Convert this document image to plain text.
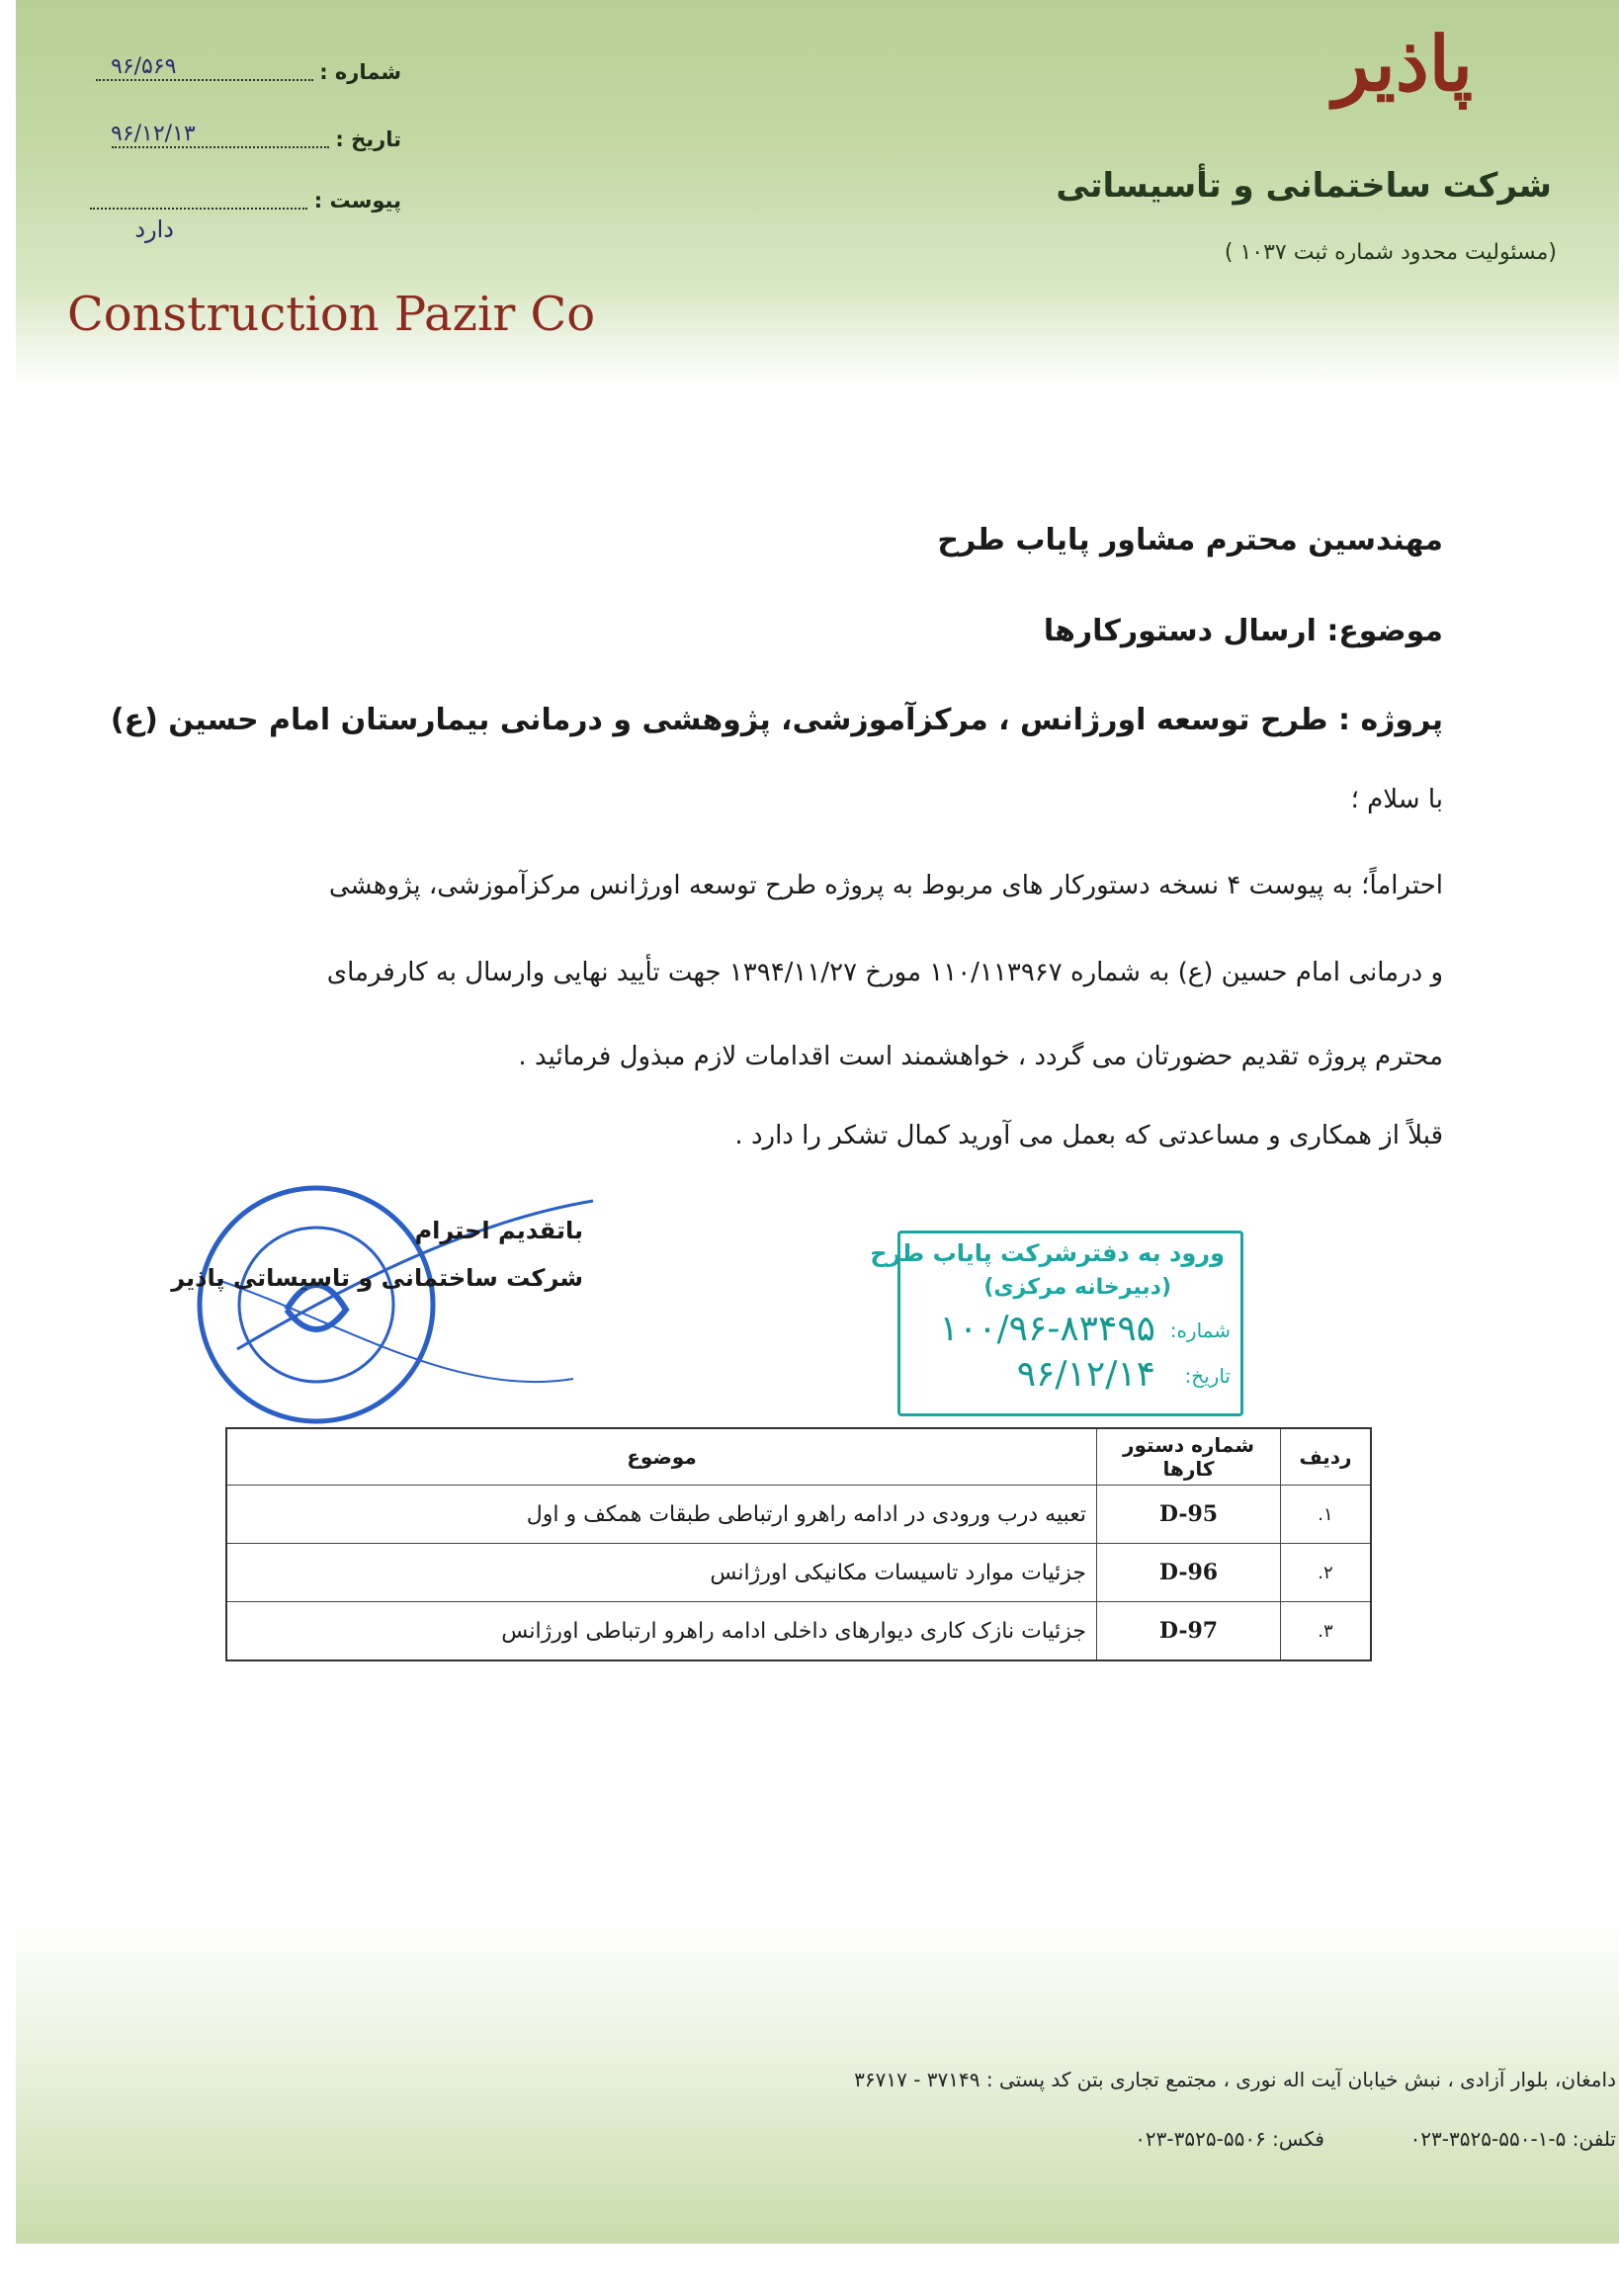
شماره :
۹۶/۵۶۹
تاریخ :
۹۶/۱۲/۱۳
پیوست :
دارد
Construction Pazir Co
پاذیر
شرکت ساختمانی و تأسیساتی
(مسئولیت محدود شماره ثبت ۱۰۳۷ )
مهندسین محترم مشاور پایاب طرح
موضوع: ارسال دستورکارها
پروژه : طرح توسعه اورژانس ، مرکزآموزشی، پژوهشی و درمانی بیمارستان امام حسین (ع)
با سلام ؛
احتراماً؛ به پیوست ۴ نسخه دستورکار های مربوط به پروژه طرح توسعه اورژانس مرکزآموزشی، پژوهشی
و درمانی امام حسین (ع) به شماره ۱۱۰/۱۱۳۹۶۷ مورخ ۱۳۹۴/۱۱/۲۷ جهت تأیید نهایی وارسال به کارفرمای
محترم پروژه تقدیم حضورتان می گردد ، خواهشمند است اقدامات لازم مبذول فرمائید .
قبلاً از همکاری و مساعدتی که بعمل می آورید کمال تشکر را دارد .
باتقدیم احترام
شرکت ساختمانی و تاسیساتی پاذیر
ورود به دفترشرکت پایاب طرح
(دبیرخانه مرکزی)
شماره:
۱۰۰/۹۶-۸۳۴۹۵
تاریخ:
۹۶/۱۲/۱۴
ردیف	شماره دستور کارها	موضوع
۱.	D-95	تعبیه درب ورودی در ادامه راهرو ارتباطی طبقات همکف و اول
۲.	D-96	جزئیات موارد تاسیسات مکانیکی اورژانس
۳.	D-97	جزئیات نازک کاری دیوارهای داخلی ادامه راهرو ارتباطی اورژانس
دامغان، بلوار آزادی ، نبش خیابان آیت اله نوری ، مجتمع تجاری بتن کد پستی : ۳۷۱۴۹ - ۳۶۷۱۷
تلفن: ۵-۱-۵۵۰-۳۵۲۵-۰۲۳
فکس: ۵۵۰۶-۳۵۲۵-۰۲۳
